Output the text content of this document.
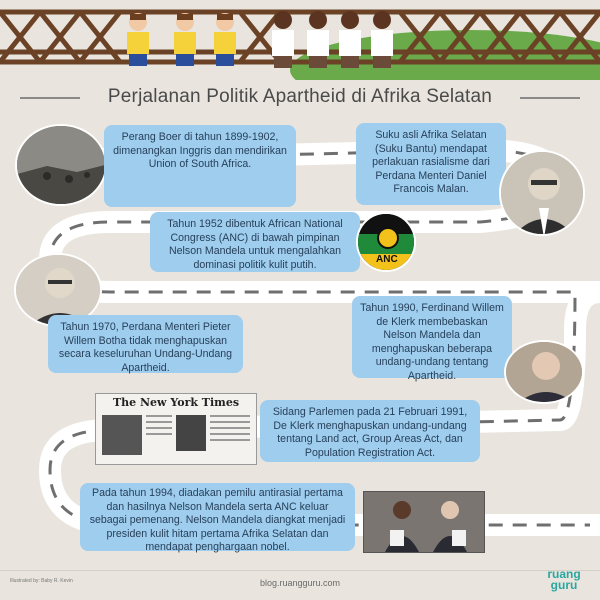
Perjalanan Politik Apartheid di Afrika Selatan
Perang Boer di tahun 1899-1902, dimenangkan Inggris dan mendirikan Union of South Africa.
Suku asli Afrika Selatan (Suku Bantu) mendapat perlakuan rasialisme dari Perdana Menteri Daniel Francois Malan.
Tahun 1952 dibentuk African National Congress (ANC) di bawah pimpinan Nelson Mandela untuk mengalahkan dominasi politik kulit putih.	ANC
Tahun 1970, Perdana Menteri Pieter Willem Botha tidak menghapuskan secara keseluruhan Undang-Undang Apartheid.
Tahun 1990, Ferdinand Willem de Klerk membebaskan Nelson Mandela dan menghapuskan beberapa undang-undang tentang Apartheid.
The New York Times
Sidang Parlemen pada 21 Februari 1991, De Klerk menghapuskan undang-undang tentang Land act, Group Areas Act, dan Population Registration Act.
Pada tahun 1994, diadakan pemilu antirasial pertama dan hasilnya Nelson Mandela serta ANC keluar sebagai pemenang. Nelson Mandela diangkat menjadi presiden kulit hitam pertama Afrika Selatan dan mendapat penghargaan nobel.
Illustrated by: Baby R. Kevin	blog.ruangguru.com
ruang
guru
